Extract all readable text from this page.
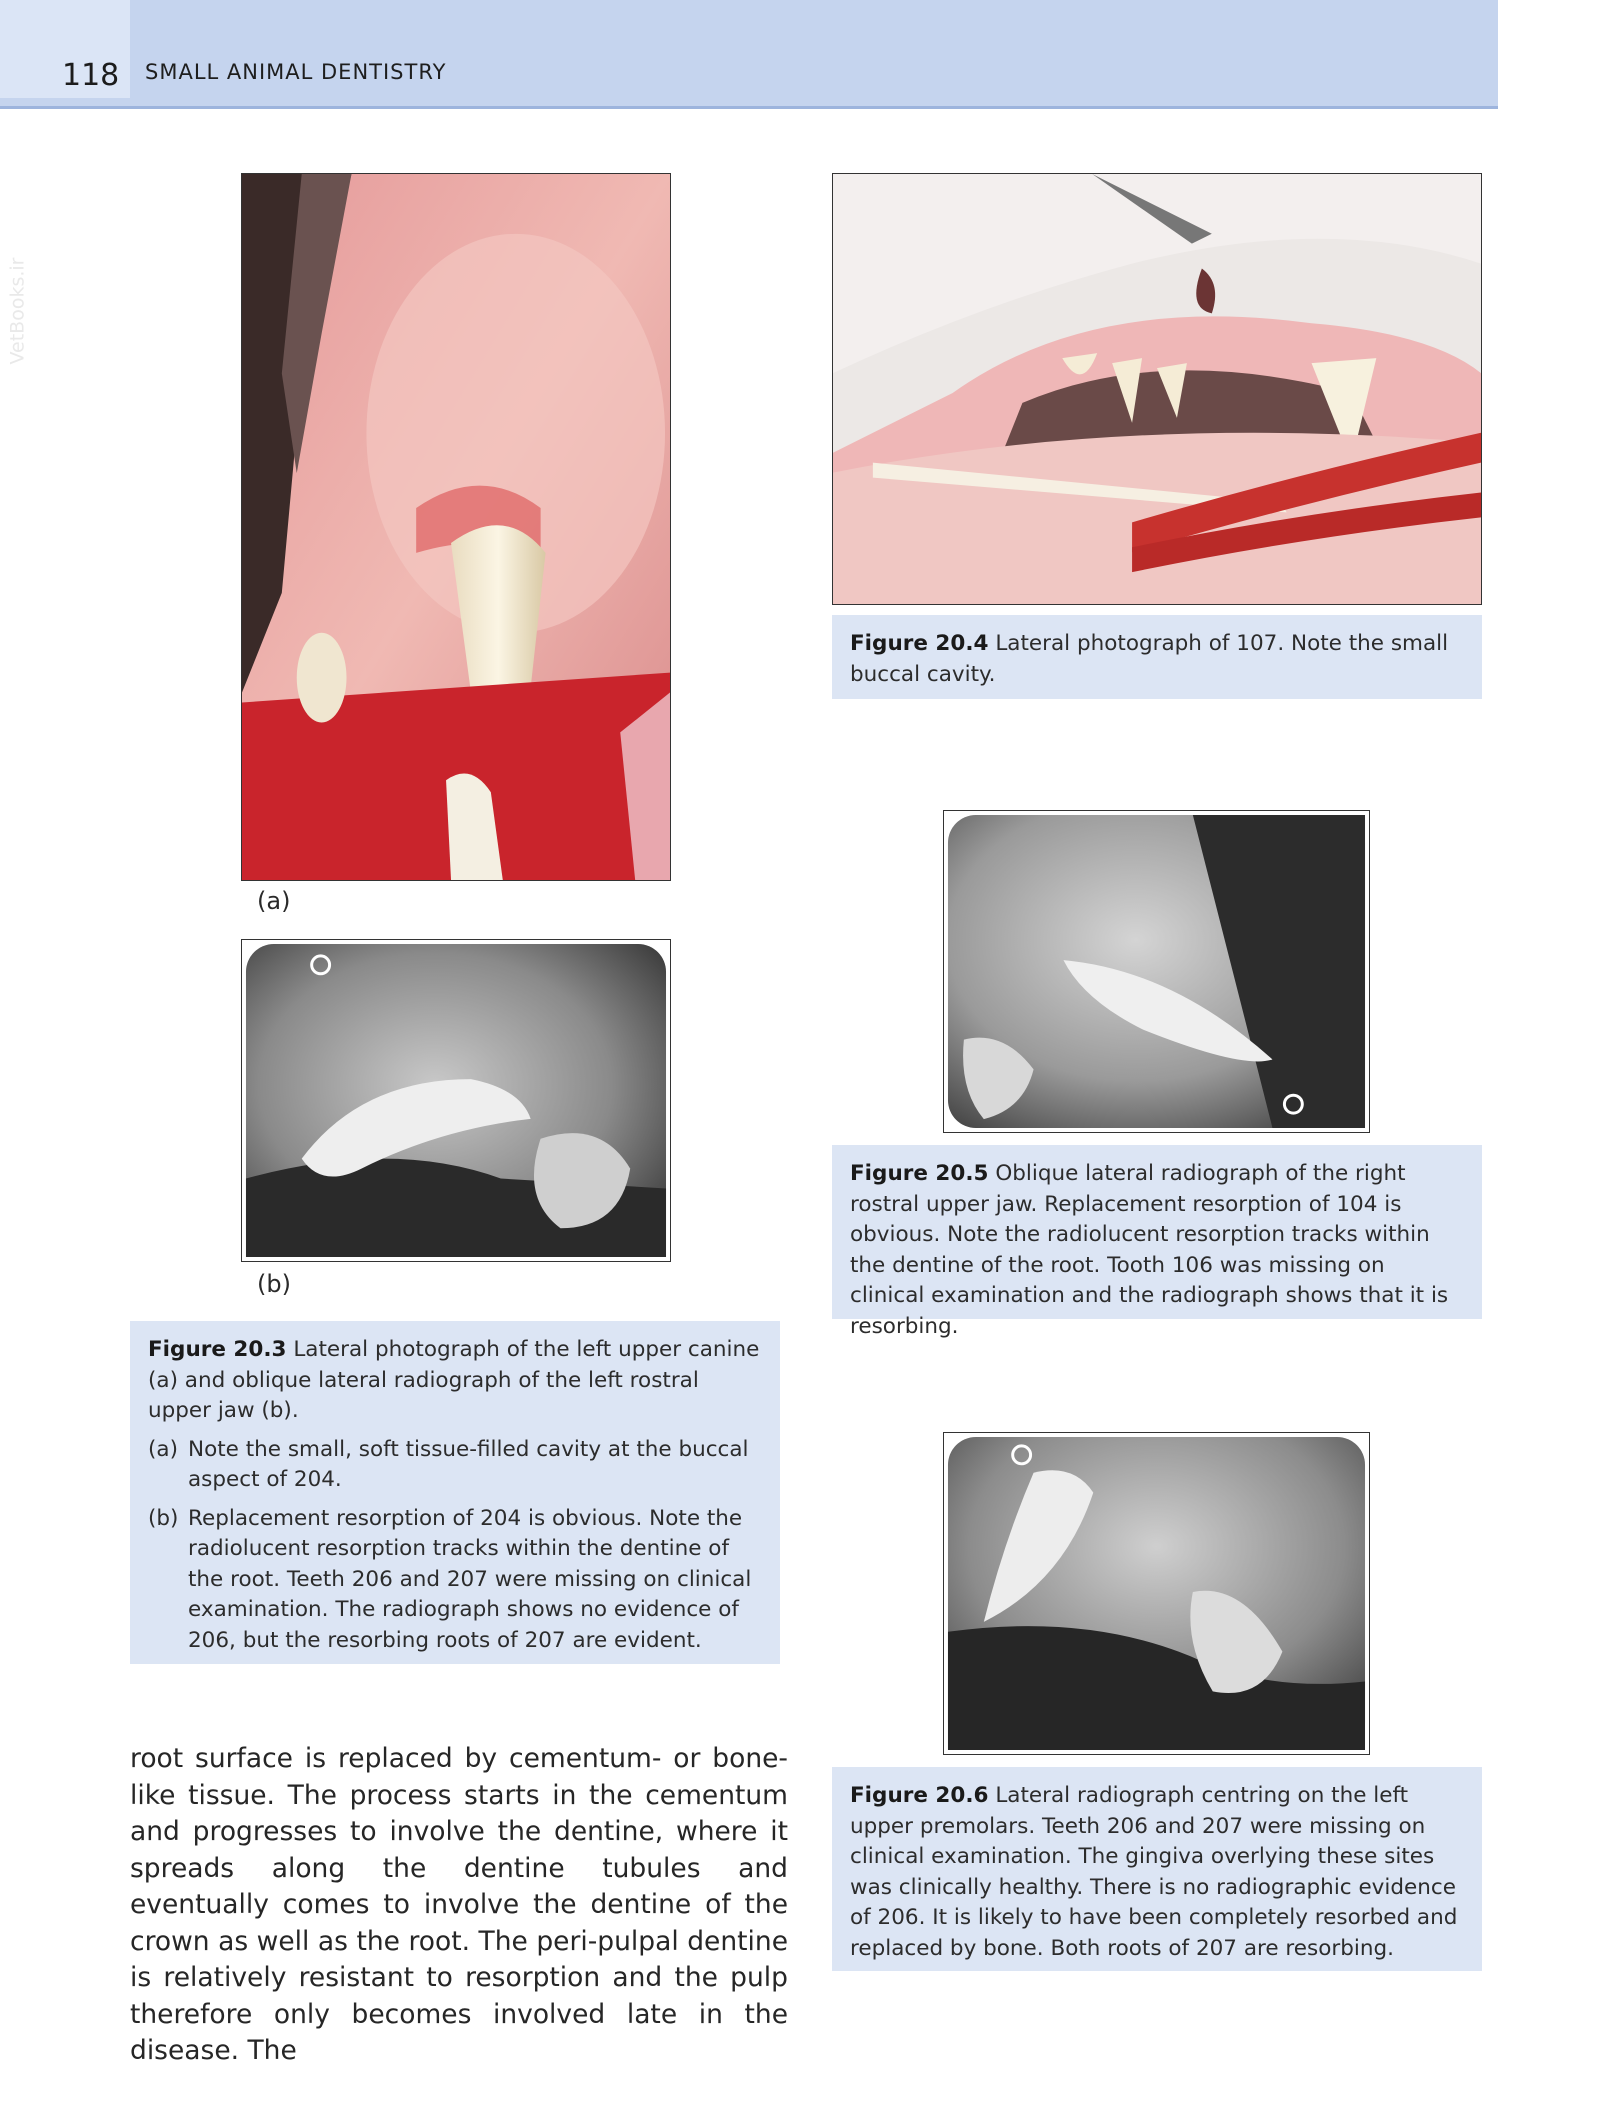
118 SMALL ANIMAL DENTISTRY
VetBooks.ir
(a)
(b)
Figure 20.3 Lateral photograph of the left upper canine (a) and oblique lateral radiograph of the left rostral upper jaw (b).
(a) Note the small, soft tissue-filled cavity at the buccal aspect of 204.
(b) Replacement resorption of 204 is obvious. Note the radiolucent resorption tracks within the dentine of the root. Teeth 206 and 207 were missing on clinical examination. The radiograph shows no evidence of 206, but the resorbing roots of 207 are evident.
root surface is replaced by cementum- or bone-like tissue. The process starts in the cementum and progresses to involve the dentine, where it spreads along the dentine tubules and eventually comes to involve the dentine of the crown as well as the root. The peri-pulpal dentine is relatively resistant to resorption and the pulp therefore only becomes involved late in the disease. The
Figure 20.4 Lateral photograph of 107. Note the small buccal cavity.
Figure 20.5 Oblique lateral radiograph of the right rostral upper jaw. Replacement resorption of 104 is obvious. Note the radiolucent resorption tracks within the dentine of the root. Tooth 106 was missing on clinical examination and the radiograph shows that it is resorbing.
Figure 20.6 Lateral radiograph centring on the left upper premolars. Teeth 206 and 207 were missing on clinical examination. The gingiva overlying these sites was clinically healthy. There is no radiographic evidence of 206. It is likely to have been completely resorbed and replaced by bone. Both roots of 207 are resorbing.
